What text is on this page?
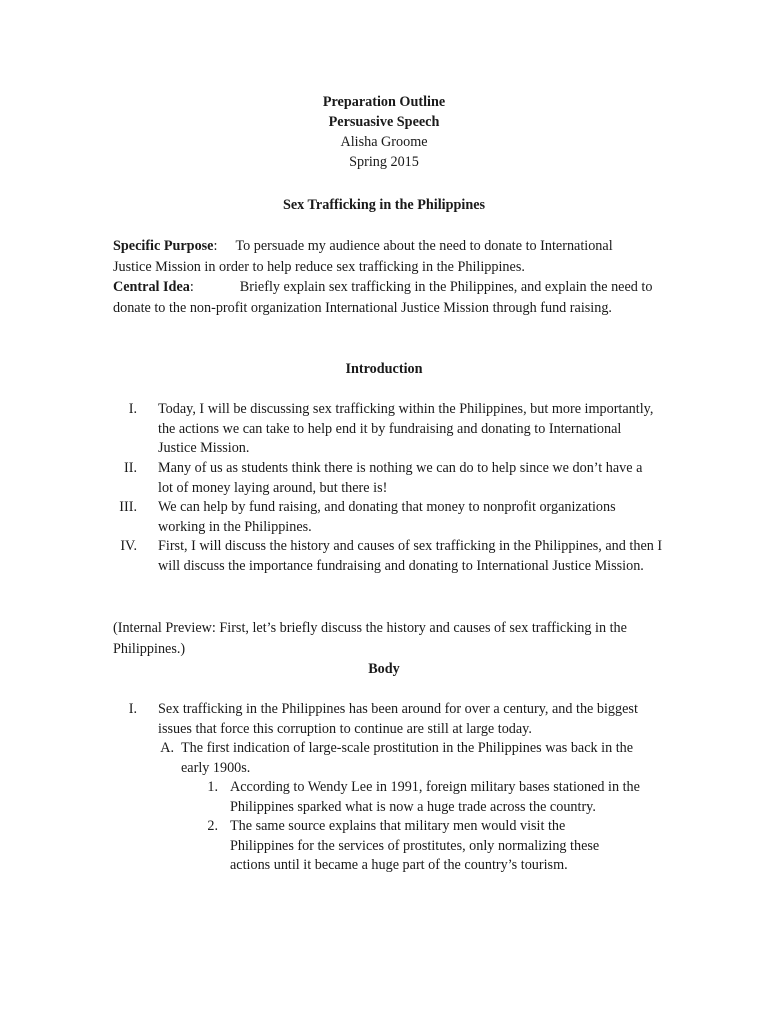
Preparation Outline
Persuasive Speech
Alisha Groome
Spring 2015
Sex Trafficking in the Philippines
Specific Purpose: To persuade my audience about the need to donate to International Justice Mission in order to help reduce sex trafficking in the Philippines.
Central Idea:	Briefly explain sex trafficking in the Philippines, and explain the need to donate to the non-profit organization International Justice Mission through fund raising.
Introduction
I. Today, I will be discussing sex trafficking within the Philippines, but more importantly, the actions we can take to help end it by fundraising and donating to International Justice Mission.
II. Many of us as students think there is nothing we can do to help since we don’t have a lot of money laying around, but there is!
III. We can help by fund raising, and donating that money to nonprofit organizations working in the Philippines.
IV. First, I will discuss the history and causes of sex trafficking in the Philippines, and then I will discuss the importance fundraising and donating to International Justice Mission.
(Internal Preview: First, let’s briefly discuss the history and causes of sex trafficking in the Philippines.)
Body
I. Sex trafficking in the Philippines has been around for over a century, and the biggest issues that force this corruption to continue are still at large today.
A. The first indication of large-scale prostitution in the Philippines was back in the early 1900s.
1. According to Wendy Lee in 1991, foreign military bases stationed in the Philippines sparked what is now a huge trade across the country.
2. The same source explains that military men would visit the Philippines for the services of prostitutes, only normalizing these actions until it became a huge part of the country’s tourism.
